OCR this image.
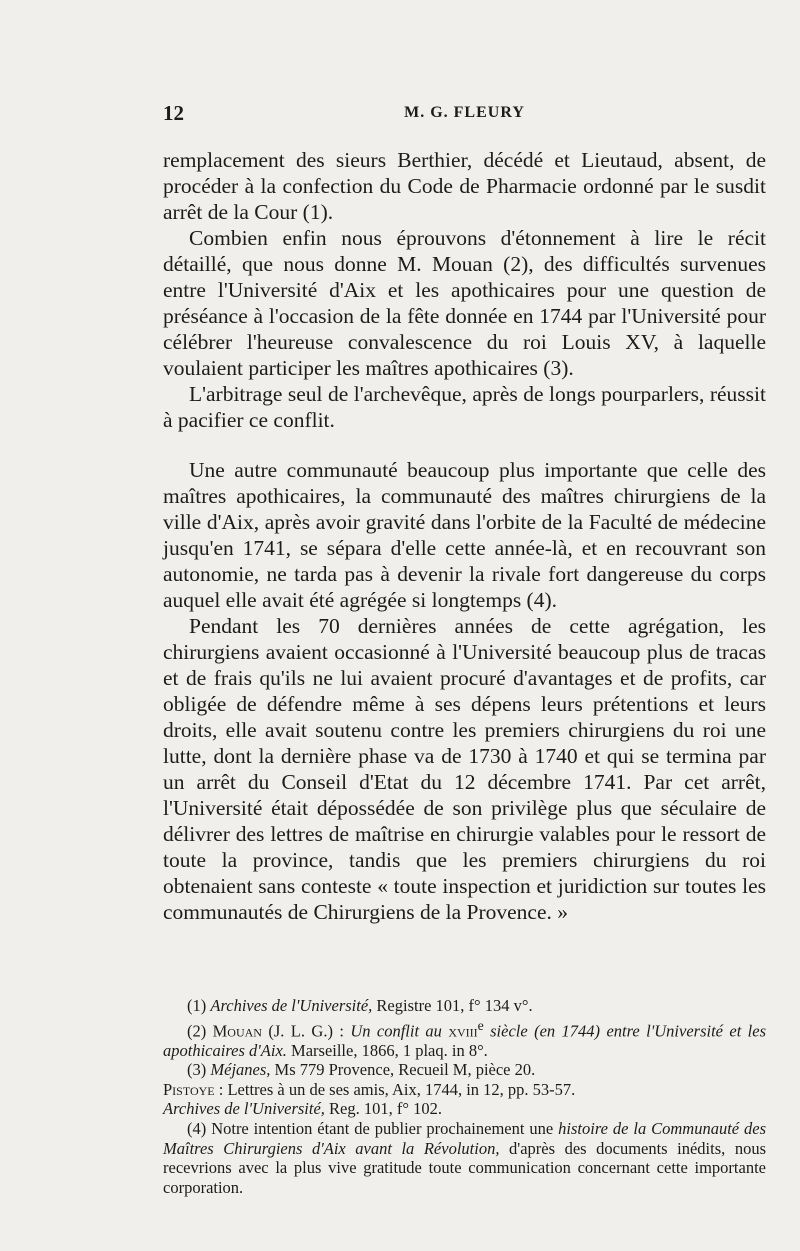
12	M. G. FLEURY

remplacement des sieurs Berthier, décédé et Lieutaud, absent, de procéder à la confection du Code de Pharmacie ordonné par le susdit arrêt de la Cour (1).

Combien enfin nous éprouvons d'étonnement à lire le récit détaillé, que nous donne M. Mouan (2), des difficultés survenues entre l'Université d'Aix et les apothicaires pour une question de préséance à l'occasion de la fête donnée en 1744 par l'Université pour célébrer l'heureuse convalescence du roi Louis XV, à laquelle voulaient participer les maîtres apothicaires (3).

L'arbitrage seul de l'archevêque, après de longs pourparlers, réussit à pacifier ce conflit.

Une autre communauté beaucoup plus importante que celle des maîtres apothicaires, la communauté des maîtres chirurgiens de la ville d'Aix, après avoir gravité dans l'orbite de la Faculté de médecine jusqu'en 1741, se sépara d'elle cette année-là, et en recouvrant son autonomie, ne tarda pas à devenir la rivale fort dangereuse du corps auquel elle avait été agrégée si longtemps (4).

Pendant les 70 dernières années de cette agrégation, les chirurgiens avaient occasionné à l'Université beaucoup plus de tracas et de frais qu'ils ne lui avaient procuré d'avantages et de profits, car obligée de défendre même à ses dépens leurs prétentions et leurs droits, elle avait soutenu contre les premiers chirurgiens du roi une lutte, dont la dernière phase va de 1730 à 1740 et qui se termina par un arrêt du Conseil d'Etat du 12 décembre 1741. Par cet arrêt, l'Université était dépossédée de son privilège plus que séculaire de délivrer des lettres de maîtrise en chirurgie valables pour le ressort de toute la province, tandis que les premiers chirurgiens du roi obtenaient sans conteste « toute inspection et juridiction sur toutes les communautés de Chirurgiens de la Provence. »

(1) Archives de l'Université, Registre 101, f° 134 v°.

(2) Mouan (J. L. G.) : Un conflit au xviii$^e$ siècle (en 1744) entre l'Université et les apothicaires d'Aix. Marseille, 1866, 1 plaq. in 8°.

(3) Méjanes, Ms 779 Provence, Recueil M, pièce 20.

Pistoye : Lettres à un de ses amis, Aix, 1744, in 12, pp. 53-57.

Archives de l'Université, Reg. 101, f° 102.

(4) Notre intention étant de publier prochainement une histoire de la Communauté des Maîtres Chirurgiens d'Aix avant la Révolution, d'après des documents inédits, nous recevrions avec la plus vive gratitude toute communication concernant cette importante corporation.
